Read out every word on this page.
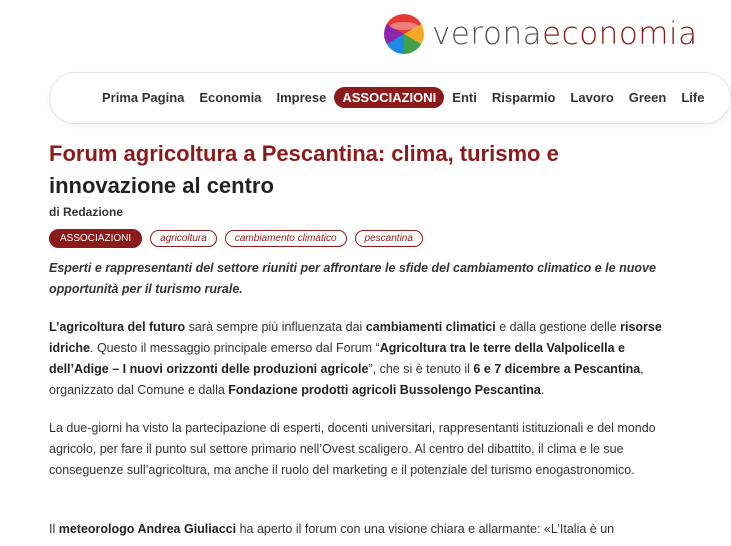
veronaeconomia
Prima Pagina Economia Imprese	ASSOCIAZIONI	Enti Risparmio Lavoro Green Life
Forum agricoltura a Pescantina: clima, turismo e
innovazione al centro
di Redazione
ASSOCIAZIONI	agricoltura	cambiamento climatico	pescantina

Esperti e rappresentanti del settore riuniti per affrontare le sfide del cambiamento climatico e le nuove opportunità per il turismo rurale.

L’agricoltura del futuro sarà sempre più influenzata dai cambiamenti climatici e dalla gestione delle risorse idriche. Questo il messaggio principale emerso dal Forum “Agricoltura tra le terre della Valpolicella e dell’Adige – I nuovi orizzonti delle produzioni agricole”, che si è tenuto il 6 e 7 dicembre a Pescantina, organizzato dal Comune e dalla Fondazione prodotti agricoli Bussolengo Pescantina.

La due-giorni ha visto la partecipazione di esperti, docenti universitari, rappresentanti istituzionali e del mondo agricolo, per fare il punto sul settore primario nell’Ovest scaligero. Al centro del dibattito, il clima e le sue conseguenze sull’agricoltura, ma anche il ruolo del marketing e il potenziale del turismo enogastronomico.

Il meteorologo Andrea Giuliacci ha aperto il forum con una visione chiara e allarmante: «L’Italia è un
